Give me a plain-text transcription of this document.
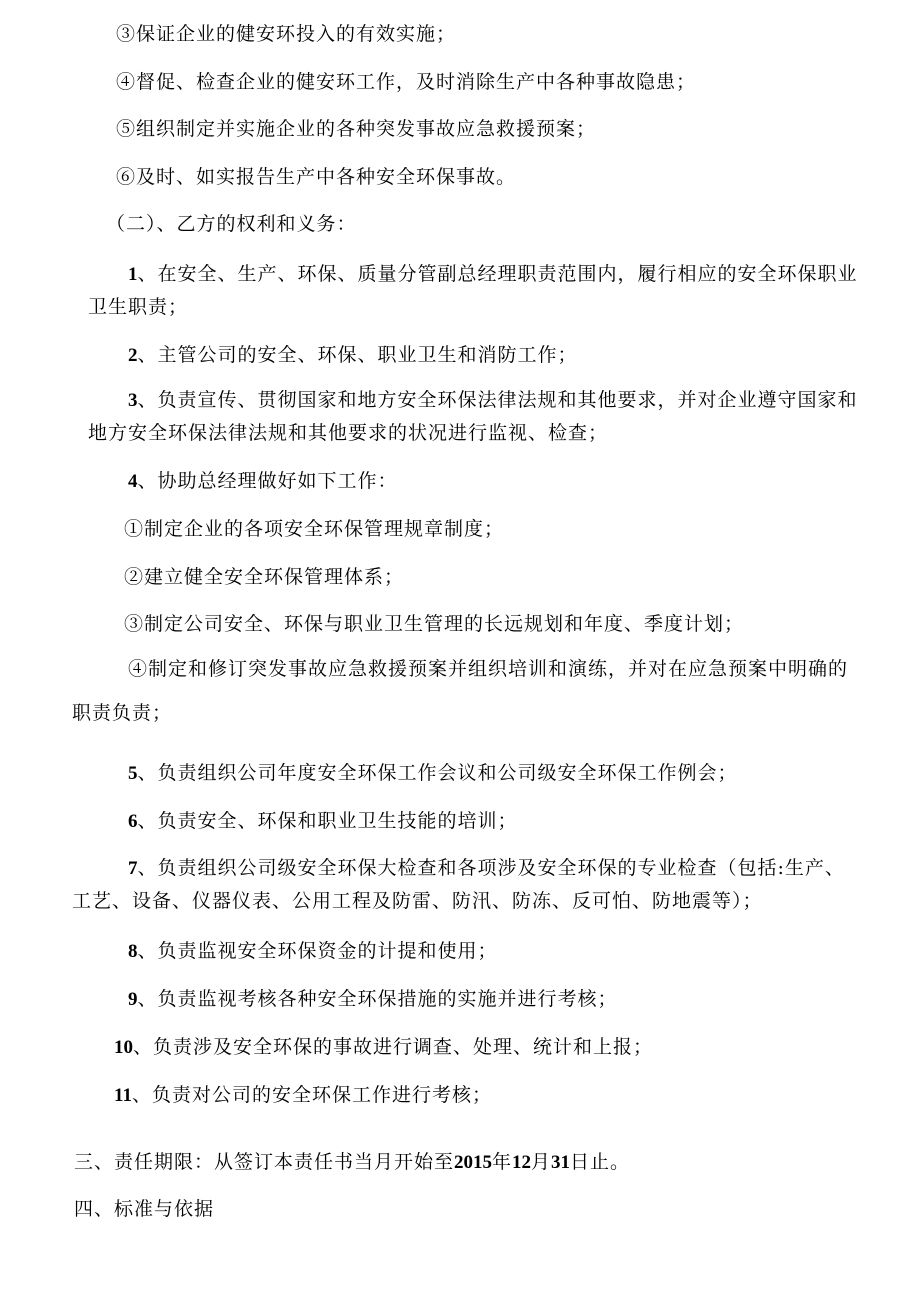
③保证企业的健安环投入的有效实施；
④督促、检查企业的健安环工作，及时消除生产中各种事故隐患；
⑤组织制定并实施企业的各种突发事故应急救援预案；
⑥及时、如实报告生产中各种安全环保事故。
（二）、乙方的权利和义务：
1、在安全、生产、环保、质量分管副总经理职责范围内，履行相应的安全环保职业
卫生职责；
2、主管公司的安全、环保、职业卫生和消防工作；
3、负责宣传、贯彻国家和地方安全环保法律法规和其他要求，并对企业遵守国家和
地方安全环保法律法规和其他要求的状况进行监视、检查；
4、协助总经理做好如下工作：
①制定企业的各项安全环保管理规章制度；
②建立健全安全环保管理体系；
③制定公司安全、环保与职业卫生管理的长远规划和年度、季度计划；
④制定和修订突发事故应急救援预案并组织培训和演练，并对在应急预案中明确的
职责负责；
5、负责组织公司年度安全环保工作会议和公司级安全环保工作例会；
6、负责安全、环保和职业卫生技能的培训；
7、负责组织公司级安全环保大检查和各项涉及安全环保的专业检查（包括:生产、
工艺、设备、仪器仪表、公用工程及防雷、防汛、防冻、反可怕、防地震等）；
8、负责监视安全环保资金的计提和使用；
9、负责监视考核各种安全环保措施的实施并进行考核；
10、负责涉及安全环保的事故进行调查、处理、统计和上报；
11、负责对公司的安全环保工作进行考核；
三、责任期限：从签订本责任书当月开始至2015年12月31日止。
四、标准与依据
